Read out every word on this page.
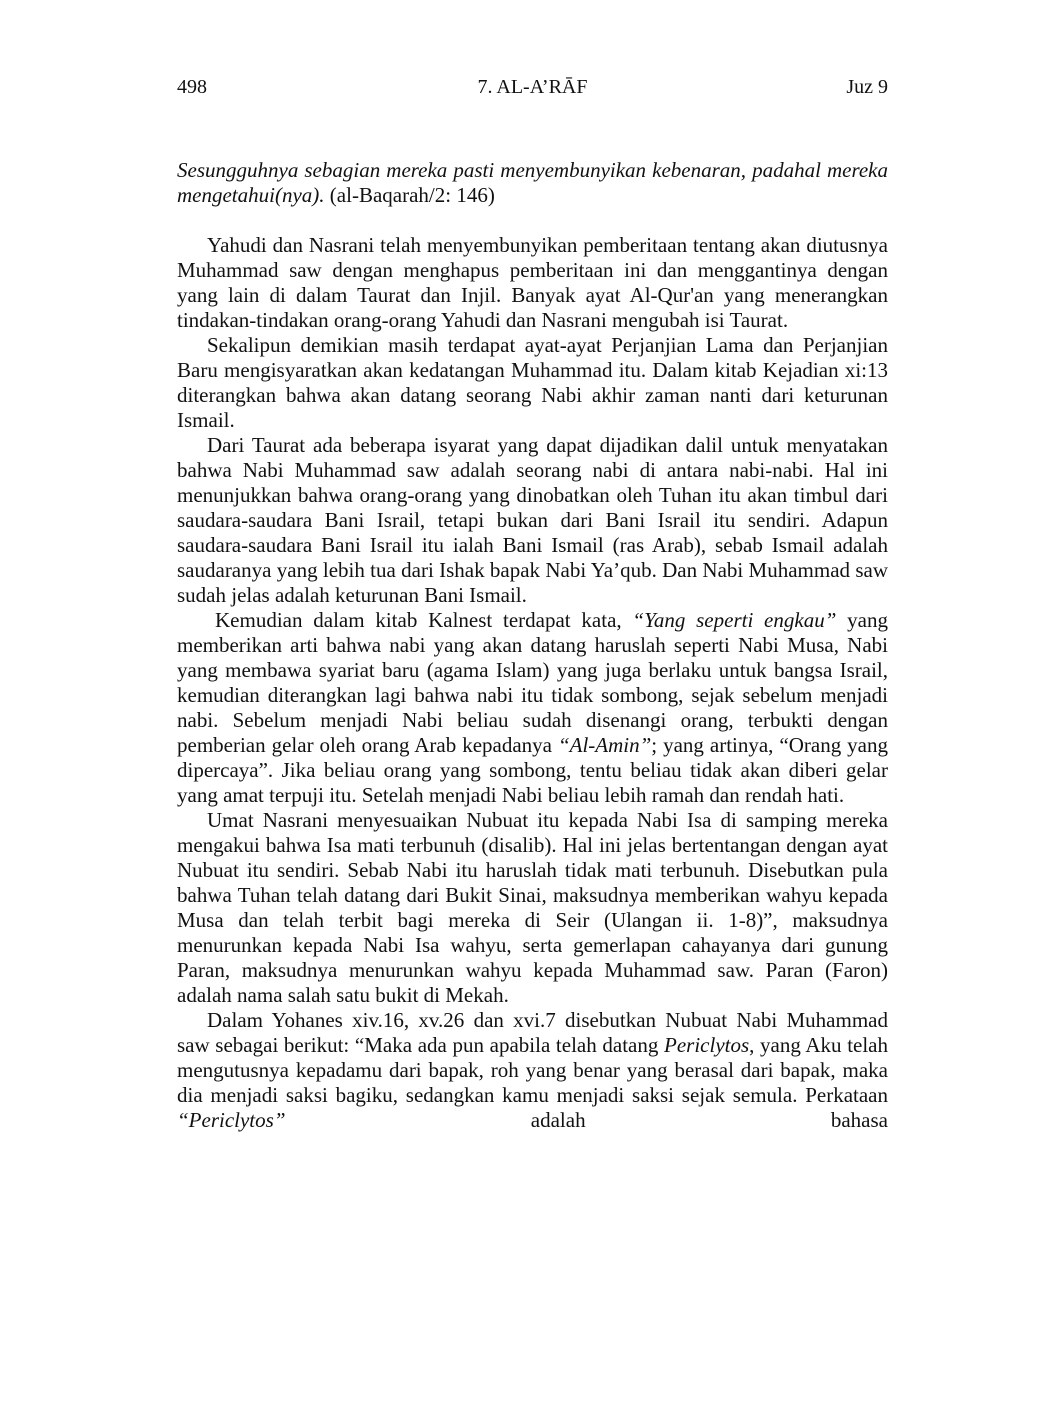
498	7. AL-A’RĀF	Juz 9

Sesungguhnya sebagian mereka pasti menyembunyikan kebenaran, padahal mereka mengetahui(nya). (al-Baqarah/2: 146)

Yahudi dan Nasrani telah menyembunyikan pemberitaan tentang akan diutusnya Muhammad saw dengan menghapus pemberitaan ini dan menggantinya dengan yang lain di dalam Taurat dan Injil. Banyak ayat Al-Qur'an yang menerangkan tindakan-tindakan orang-orang Yahudi dan Nasrani mengubah isi Taurat.

Sekalipun demikian masih terdapat ayat-ayat Perjanjian Lama dan Perjanjian Baru mengisyaratkan akan kedatangan Muhammad itu. Dalam kitab Kejadian xi:13 diterangkan bahwa akan datang seorang Nabi akhir zaman nanti dari keturunan Ismail.

Dari Taurat ada beberapa isyarat yang dapat dijadikan dalil untuk menyatakan bahwa Nabi Muhammad saw adalah seorang nabi di antara nabi-nabi. Hal ini menunjukkan bahwa orang-orang yang dinobatkan oleh Tuhan itu akan timbul dari saudara-saudara Bani Israil, tetapi bukan dari Bani Israil itu sendiri. Adapun saudara-saudara Bani Israil itu ialah Bani Ismail (ras Arab), sebab Ismail adalah saudaranya yang lebih tua dari Ishak bapak Nabi Ya’qub. Dan Nabi Muhammad saw sudah jelas adalah keturunan Bani Ismail.

Kemudian dalam kitab Kalnest terdapat kata, “Yang seperti engkau” yang memberikan arti bahwa nabi yang akan datang haruslah seperti Nabi Musa, Nabi yang membawa syariat baru (agama Islam) yang juga berlaku untuk bangsa Israil, kemudian diterangkan lagi bahwa nabi itu tidak sombong, sejak sebelum menjadi nabi. Sebelum menjadi Nabi beliau sudah disenangi orang, terbukti dengan pemberian gelar oleh orang Arab kepadanya “Al-Amin”; yang artinya, “Orang yang dipercaya”. Jika beliau orang yang sombong, tentu beliau tidak akan diberi gelar yang amat terpuji itu. Setelah menjadi Nabi beliau lebih ramah dan rendah hati.

Umat Nasrani menyesuaikan Nubuat itu kepada Nabi Isa di samping mereka mengakui bahwa Isa mati terbunuh (disalib). Hal ini jelas bertentangan dengan ayat Nubuat itu sendiri. Sebab Nabi itu haruslah tidak mati terbunuh. Disebutkan pula bahwa Tuhan telah datang dari Bukit Sinai, maksudnya memberikan wahyu kepada Musa dan telah terbit bagi mereka di Seir (Ulangan ii. 1-8)”, maksudnya menurunkan kepada Nabi Isa wahyu, serta gemerlapan cahayanya dari gunung Paran, maksudnya menurunkan wahyu kepada Muhammad saw. Paran (Faron) adalah nama salah satu bukit di Mekah.

Dalam Yohanes xiv.16, xv.26 dan xvi.7 disebutkan Nubuat Nabi Muhammad saw sebagai berikut: “Maka ada pun apabila telah datang Periclytos, yang Aku telah mengutusnya kepadamu dari bapak, roh yang benar yang berasal dari bapak, maka dia menjadi saksi bagiku, sedangkan kamu menjadi saksi sejak semula. Perkataan “Periclytos” adalah bahasa
